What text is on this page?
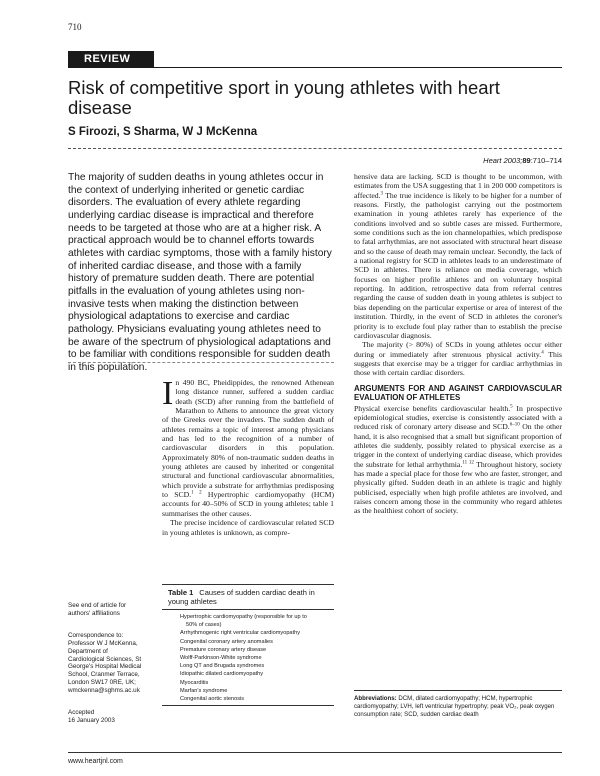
710
REVIEW
Risk of competitive sport in young athletes with heart disease
S Firoozi, S Sharma, W J McKenna
Heart 2003;89:710–714

The majority of sudden deaths in young athletes occur in the context of underlying inherited or genetic cardiac disorders. The evaluation of every athlete regarding underlying cardiac disease is impractical and therefore needs to be targeted at those who are at a higher risk. A practical approach would be to channel efforts towards athletes with cardiac symptoms, those with a family history of inherited cardiac disease, and those with a family history of premature sudden death. There are potential pitfalls in the evaluation of young athletes using non-invasive tests when making the distinction between physiological adaptations to exercise and cardiac pathology. Physicians evaluating young athletes need to be aware of the spectrum of physiological adaptations and to be familiar with conditions responsible for sudden death in this population.

In 490 BC, Pheidippides, the renowned Athenean long distance runner, suffered a sudden cardiac death (SCD) after running from the battlefield of Marathon to Athens to announce the great victory of the Greeks over the invaders. The sudden death of athletes remains a topic of interest among physicians and has led to the recognition of a number of cardiovascular disorders in this population. Approximately 80% of non-traumatic sudden deaths in young athletes are caused by inherited or congenital structural and functional cardiovascular abnormalities, which provide a substrate for arrhythmias predisposing to SCD.$^{1 2}$ Hypertrophic cardiomyopathy (HCM) accounts for 40–50% of SCD in young athletes; table 1 summarises the other causes.

The precise incidence of cardiovascular related SCD in young athletes is unknown, as compre-

Table 1 Causes of sudden cardiac death in young athletes
Hypertrophic cardiomyopathy (responsible for up to
50% of cases)
Arrhythmogenic right ventricular cardiomyopathy
Congenital coronary artery anomalies
Premature coronary artery disease
Wolff-Parkinson-White syndrome
Long QT and Brugada syndromes
Idiopathic dilated cardiomyopathy
Myocarditis
Marfan's syndrome
Congenital aortic stenosis
See end of article for authors' affiliations
Correspondence to:
Professor W J McKenna,
Department of
Cardiological Sciences, St
George's Hospital Medical
School, Cranmer Terrace,
London SW17 0RE, UK;
wmckenna@sghms.ac.uk
Accepted
16 January 2003

hensive data are lacking. SCD is thought to be uncommon, with estimates from the USA suggesting that 1 in 200 000 competitors is affected.$^3$ The true incidence is likely to be higher for a number of reasons. Firstly, the pathologist carrying out the postmortem examination in young athletes rarely has experience of the conditions involved and so subtle cases are missed. Furthermore, some conditions such as the ion channelopathies, which predispose to fatal arrhythmias, are not associated with structural heart disease and so the cause of death may remain unclear. Secondly, the lack of a national registry for SCD in athletes leads to an underestimate of SCD in athletes. There is reliance on media coverage, which focuses on higher profile athletes and on voluntary hospital reporting. In addition, retrospective data from referral centres regarding the cause of sudden death in young athletes is subject to bias depending on the particular expertise or area of interest of the institution. Thirdly, in the event of SCD in athletes the coroner's priority is to exclude foul play rather than to establish the precise cardiovascular diagnosis.

The majority (> 80%) of SCDs in young athletes occur either during or immediately after strenuous physical activity.$^4$ This suggests that exercise may be a trigger for cardiac arrhythmias in those with certain cardiac disorders.

ARGUMENTS FOR AND AGAINST CARDIOVASCULAR EVALUATION OF ATHLETES

Physical exercise benefits cardiovascular health.$^5$ In prospective epidemiological studies, exercise is consistently associated with a reduced risk of coronary artery disease and SCD.$^{6-10}$ On the other hand, it is also recognised that a small but significant proportion of athletes die suddenly, possibly related to physical exercise as a trigger in the context of underlying cardiac disease, which provides the substrate for lethal arrhythmia.$^{11 12}$ Throughout history, society has made a special place for those few who are faster, stronger, and physically gifted. Sudden death in an athlete is tragic and highly publicised, especially when high profile athletes are involved, and raises concern among those in the community who regard athletes as the healthiest cohort of society.

Abbreviations: DCM, dilated cardiomyopathy; HCM, hypertrophic cardiomyopathy; LVH, left ventricular hypertrophy; peak VO₂, peak oxygen consumption rate; SCD, sudden cardiac death
www.heartjnl.com
